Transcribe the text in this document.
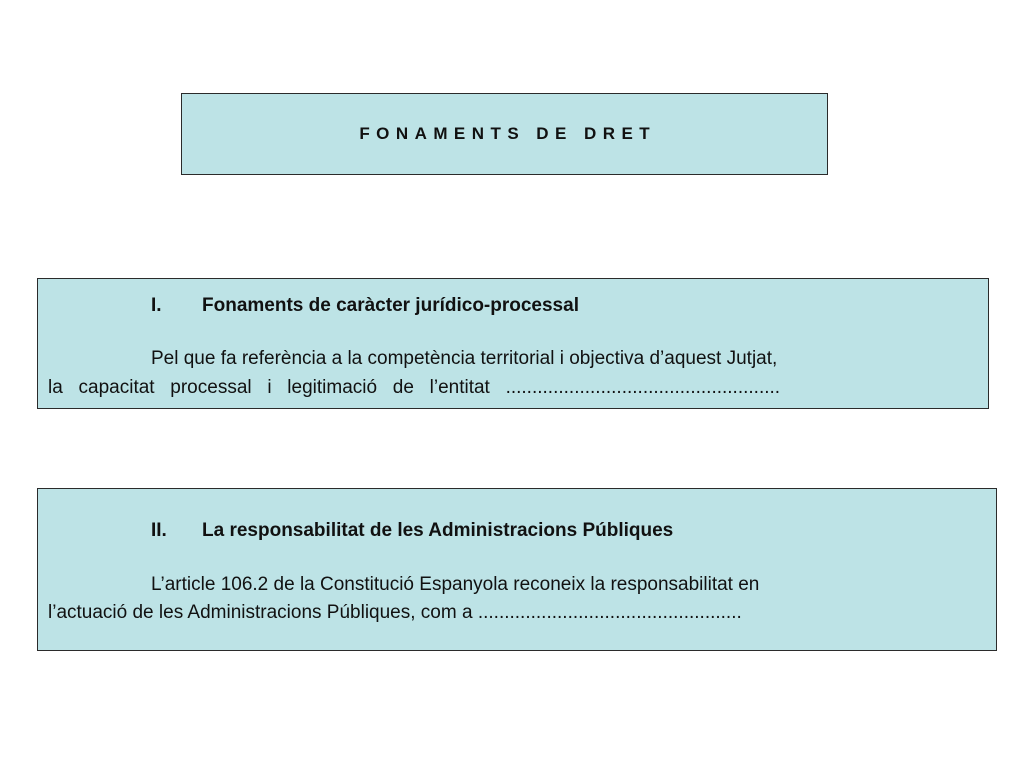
FONAMENTS DE DRET
I. Fonaments de caràcter jurídico-processal
Pel que fa referència a la competència territorial i objectiva d’aquest Jutjat,
la capacitat processal i legitimació de l’entitat ....................................................
II. La responsabilitat de les Administracions Públiques
L’article 106.2 de la Constitució Espanyola reconeix la responsabilitat en
l’actuació de les Administracions Públiques, com a ..................................................
